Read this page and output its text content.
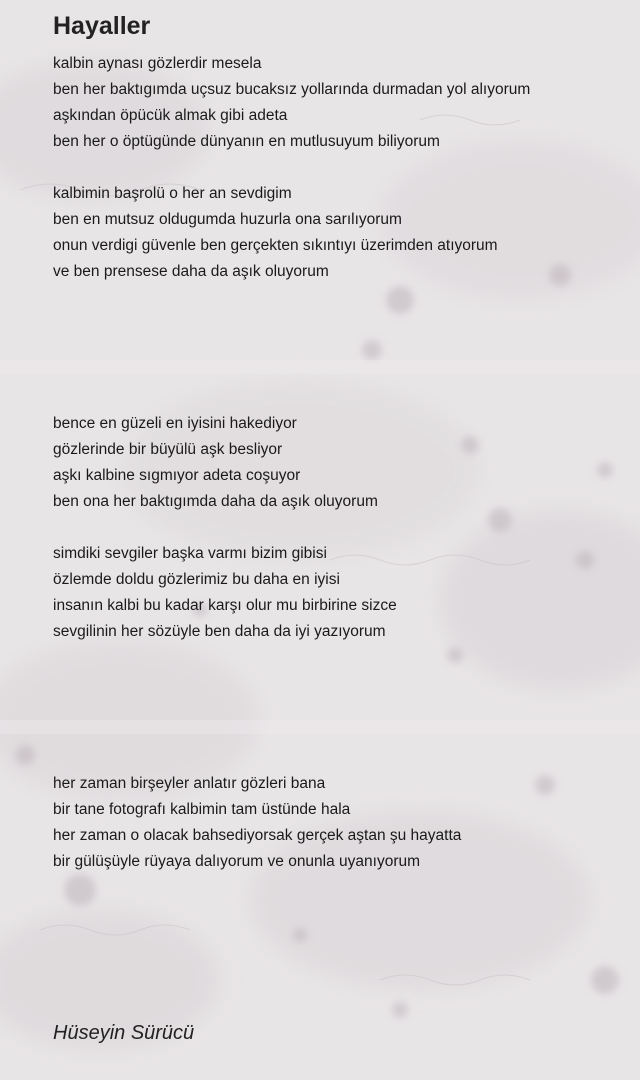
Hayaller
kalbin aynası gözlerdir mesela
ben her baktıgımda uçsuz bucaksız yollarında durmadan yol alıyorum
aşkından öpücük almak gibi adeta
ben her o öptügünde dünyanın en mutlusuyum biliyorum
kalbimin başrolü o her an sevdigim
ben en mutsuz oldugumda huzurla ona sarılıyorum
onun verdigi güvenle ben gerçekten sıkıntıyı üzerimden atıyorum
ve ben prensese daha da aşık oluyorum
bence en güzeli en iyisini hakediyor
gözlerinde bir büyülü aşk besliyor
aşkı kalbine sıgmıyor adeta coşuyor
ben ona her baktıgımda daha da aşık oluyorum
simdiki sevgiler başka varmı bizim gibisi
özlemde doldu gözlerimiz bu daha en iyisi
insanın kalbi bu kadar karşı olur mu birbirine sizce
sevgilinin her sözüyle ben daha da iyi yazıyorum
her zaman birşeyler anlatır gözleri bana
bir tane fotografı kalbimin tam üstünde hala
her zaman o olacak bahsediyorsak gerçek aştan şu hayatta
bir gülüşüyle rüyaya dalıyorum ve onunla uyanıyorum
Hüseyin Sürücü
